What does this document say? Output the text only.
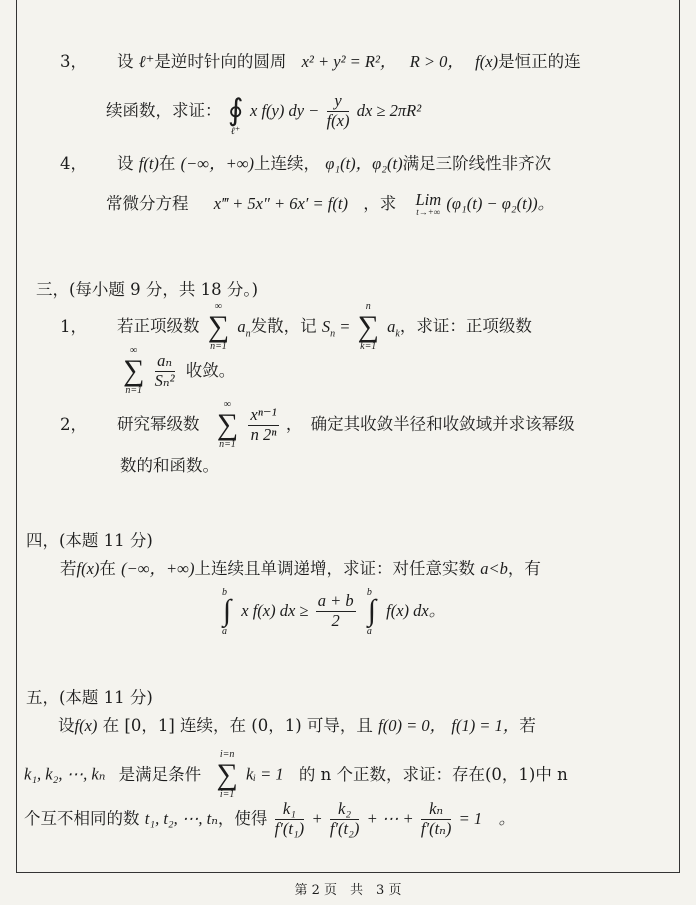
3， 设 ℓ⁺是逆时针向的圆周 x² + y² = R²， R > 0， f(x)是恒正的连
续函数，求证： ∮
ℓ⁺
x f(y) dy − $\frac{y}{f(x)}$ dx ≥ 2πR²
4， 设 f(t)在 (−∞，+∞)上连续， φ₁(t)，φ₂(t)满足三阶线性非齐次
常微分方程 x‴ + 5x″ + 6x′ = f(t) ，求 Lim
t→+∞ (φ₁(t) − φ₂(t))。
三，(每小题 9 分，共 18 分。)
1， 若正项级数
∞
∑
n=1
$a_n$发散，记 $S_n$ =
n
∑
k=1
$a_k$，求证：正项级数
∞
∑
n=1

$\frac{\text{aₙ}}{\text{Sₙ²}}$ 收敛。
2， 研究幂级数
∞
∑
n=1

$\frac{\text{xⁿ⁻¹}}{\text{n 2ⁿ}}$ ，　确定其收敛半径和收敛域并求该幂级
数的和函数。
四，(本题 11 分)
若f(x)在 (−∞，+∞)上连续且单调递增，求证：对任意实数 a<b，有
b
∫
a
x f(x) dx ≥ $\frac{a + b}{2}$
b
∫
a
f(x) dx。
五，(本题 11 分)
设f(x) 在 [0，1] 连续，在 (0，1) 可导，且 f(0) = 0， f(1) = 1，若
k₁, k₂, ⋯, kₙ 是满足条件
i=n
∑
i=1
kᵢ = 1 的 n 个正数，求证：存在(0，1)中 n
个互不相同的数 t₁, t₂, ⋯, tₙ，使得 $\frac{\text{k₁}}{\text{f′(t₁)}} + \frac{\text{k₂}}{\text{f′(t₂)}}$ + ⋯ + $\frac{\text{kₙ}}{\text{f′(tₙ)}} = 1$　。
第 2 页　共　3 页
